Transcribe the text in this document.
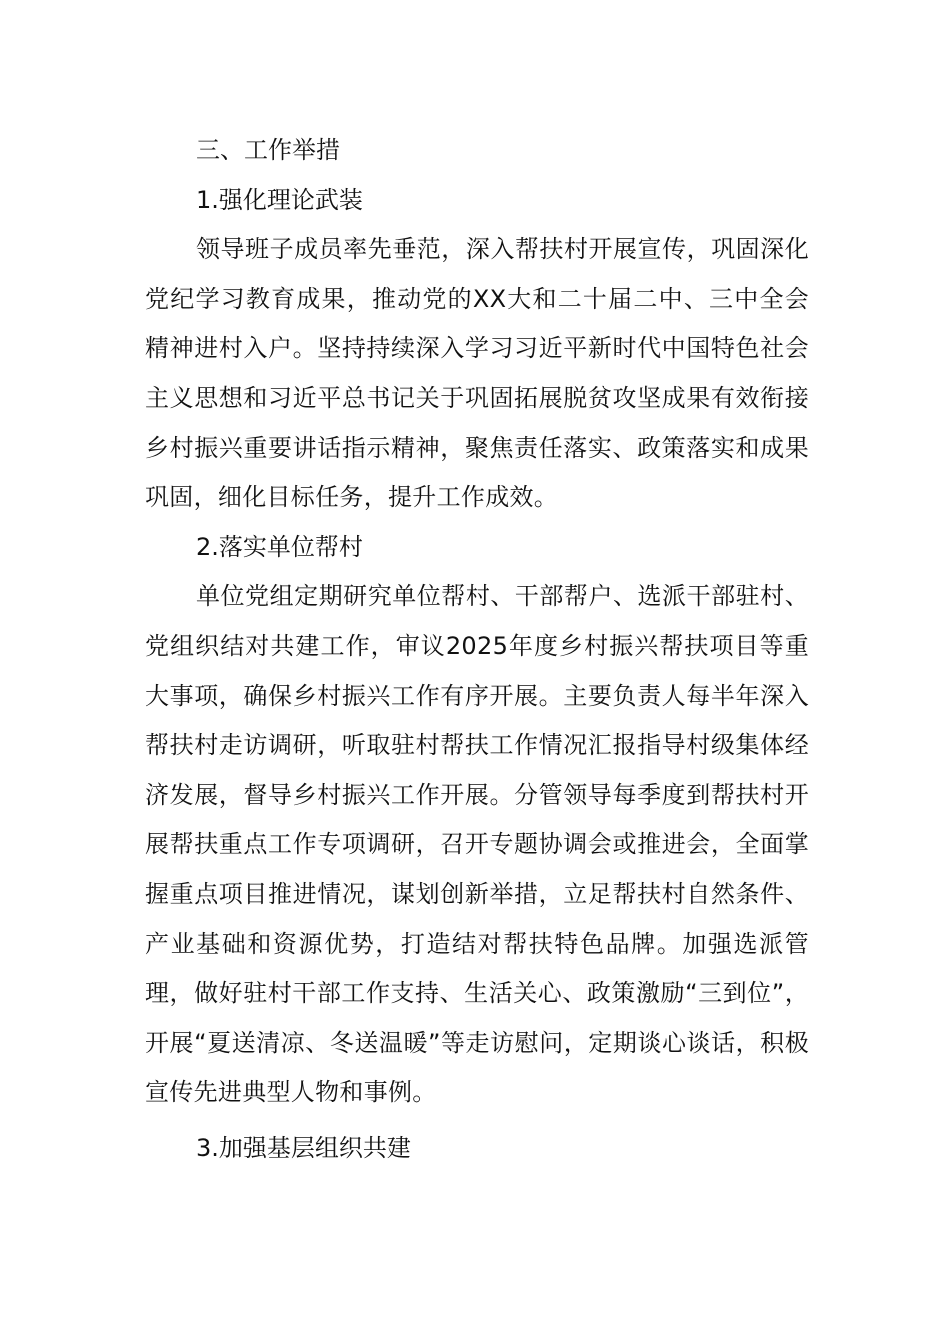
三、工作举措

1.强化理论武装

领导班子成员率先垂范，深入帮扶村开展宣传，巩固深化党纪学习教育成果，推动党的XX大和二十届二中、三中全会精神进村入户。坚持持续深入学习习近平新时代中国特色社会主义思想和习近平总书记关于巩固拓展脱贫攻坚成果有效衔接乡村振兴重要讲话指示精神，聚焦责任落实、政策落实和成果巩固，细化目标任务，提升工作成效。

2.落实单位帮村

单位党组定期研究单位帮村、干部帮户、选派干部驻村、党组织结对共建工作，审议2025年度乡村振兴帮扶项目等重大事项，确保乡村振兴工作有序开展。主要负责人每半年深入帮扶村走访调研，听取驻村帮扶工作情况汇报指导村级集体经济发展，督导乡村振兴工作开展。分管领导每季度到帮扶村开展帮扶重点工作专项调研，召开专题协调会或推进会，全面掌握重点项目推进情况，谋划创新举措，立足帮扶村自然条件、产业基础和资源优势，打造结对帮扶特色品牌。加强选派管理，做好驻村干部工作支持、生活关心、政策激励“三到位”，开展“夏送清凉、冬送温暖”等走访慰问，定期谈心谈话，积极宣传先进典型人物和事例。

3.加强基层组织共建
